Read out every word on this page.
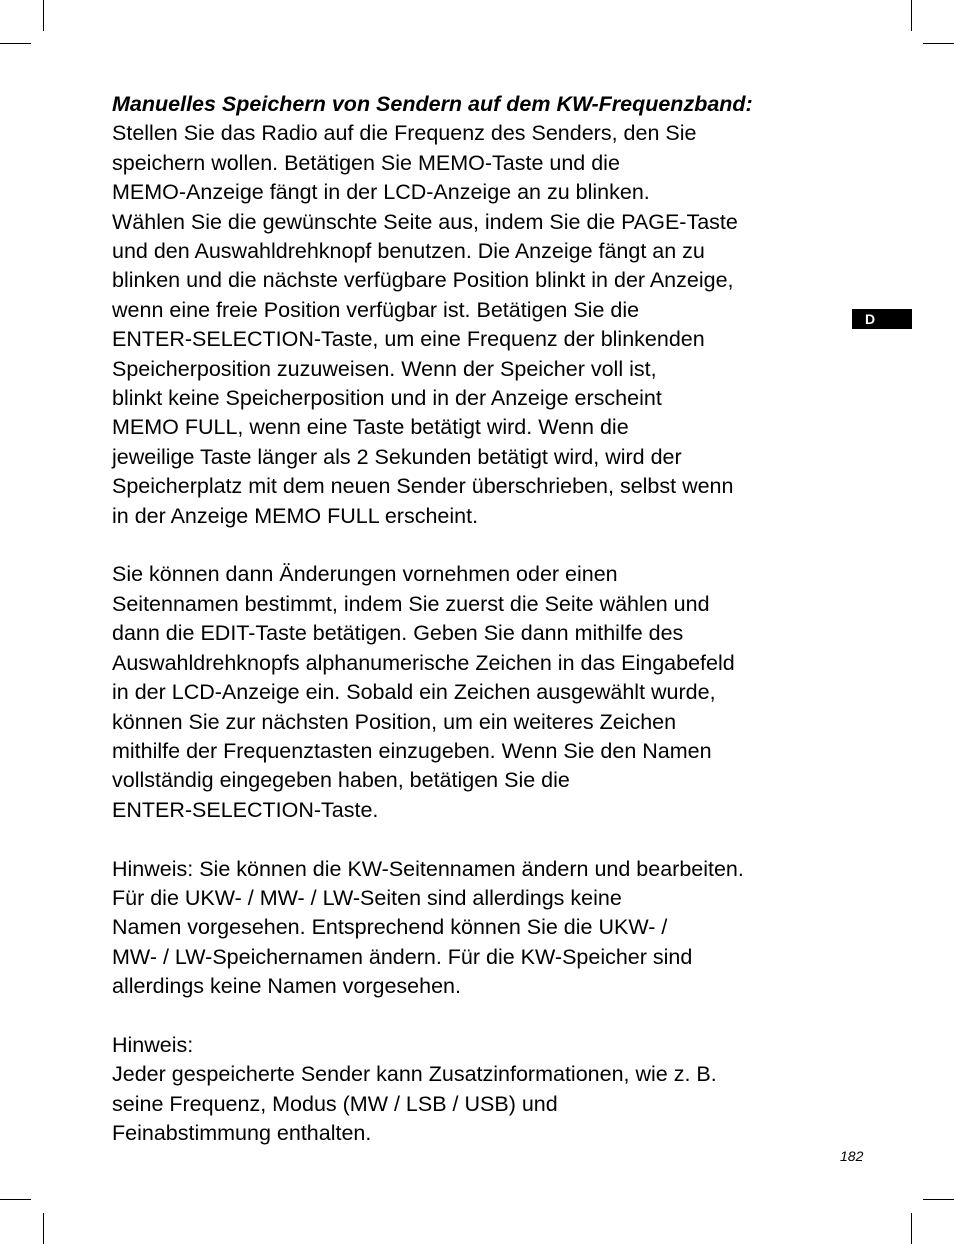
Manuelles Speichern von Sendern auf dem KW-Frequenzband:
Stellen Sie das Radio auf die Frequenz des Senders, den Sie
speichern wollen. Betätigen Sie MEMO-Taste und die
MEMO-Anzeige fängt in der LCD-Anzeige an zu blinken.
Wählen Sie die gewünschte Seite aus, indem Sie die PAGE-Taste
und den Auswahldrehknopf benutzen. Die Anzeige fängt an zu
blinken und die nächste verfügbare Position blinkt in der Anzeige,
wenn eine freie Position verfügbar ist. Betätigen Sie die
ENTER-SELECTION-Taste, um eine Frequenz der blinkenden
Speicherposition zuzuweisen. Wenn der Speicher voll ist,
blinkt keine Speicherposition und in der Anzeige erscheint
MEMO FULL, wenn eine Taste betätigt wird. Wenn die
jeweilige Taste länger als 2 Sekunden betätigt wird, wird der
Speicherplatz mit dem neuen Sender überschrieben, selbst wenn
in der Anzeige MEMO FULL erscheint.
Sie können dann Änderungen vornehmen oder einen
Seitennamen bestimmt, indem Sie zuerst die Seite wählen und
dann die EDIT-Taste betätigen. Geben Sie dann mithilfe des
Auswahldrehknopfs alphanumerische Zeichen in das Eingabefeld
in der LCD-Anzeige ein. Sobald ein Zeichen ausgewählt wurde,
können Sie zur nächsten Position, um ein weiteres Zeichen
mithilfe der Frequenztasten einzugeben. Wenn Sie den Namen
vollständig eingegeben haben, betätigen Sie die
ENTER-SELECTION-Taste.
Hinweis: Sie können die KW-Seitennamen ändern und bearbeiten.
Für die UKW- / MW- / LW-Seiten sind allerdings keine
Namen vorgesehen. Entsprechend können Sie die UKW- /
MW- / LW-Speichernamen ändern. Für die KW-Speicher sind
allerdings keine Namen vorgesehen.
Hinweis:
Jeder gespeicherte Sender kann Zusatzinformationen, wie z. B.
seine Frequenz, Modus (MW / LSB / USB) und
Feinabstimmung enthalten.
D
182
